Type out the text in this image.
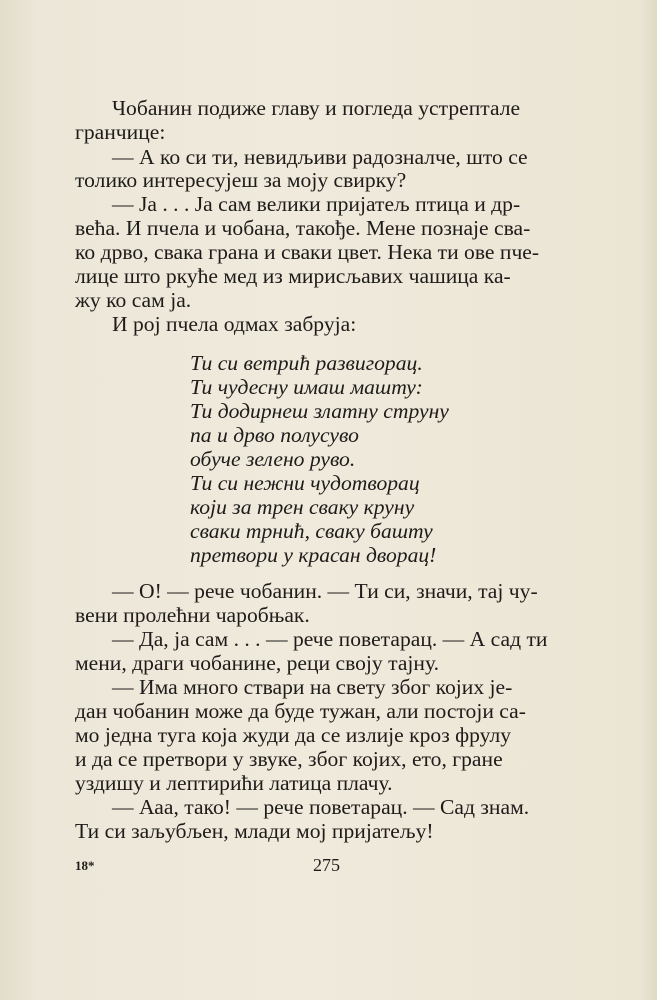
Чобанин подиже главу и погледа устрептале
гранчице:
— А ко си ти, невидљиви радозналче, што се
толико интересујеш за моју свирку?
— Ја . . . Ја сам велики пријатељ птица и др-
већа. И пчела и чобана, такође. Мене познаје сва-
ко дрво, свака грана и сваки цвет. Нека ти ове пче-
лице што ркуће мед из мирисљавих чашица ка-
жу ко сам ја.
И рој пчела одмах забруја:
Ти си ветрић развигорац.
Ти чудесну имаш машту:
Ти додирнеш златну струну
па и дрво полусуво
обуче зелено руво.
Ти си нежни чудотворац
који за трен сваку круну
сваки трнић, сваку башту
претвори у красан дворац!
— О! — рече чобанин. — Ти си, значи, тај чу-
вени пролећни чаробњак.
— Да, ја сам . . . — рече поветарац. — А сад ти
мени, драги чобанине, реци своју тајну.
— Има много ствари на свету због којих је-
дан чобанин може да буде тужан, али постоји са-
мо једна туга која жуди да се излије кроз фрулу
и да се претвори у звуке, због којих, ето, гране
уздишу и лептирићи латица плачу.
— Ааа, тако! — рече поветарац. — Сад знам.
Ти си заљубљен, млади мој пријатељу!
18*	275
